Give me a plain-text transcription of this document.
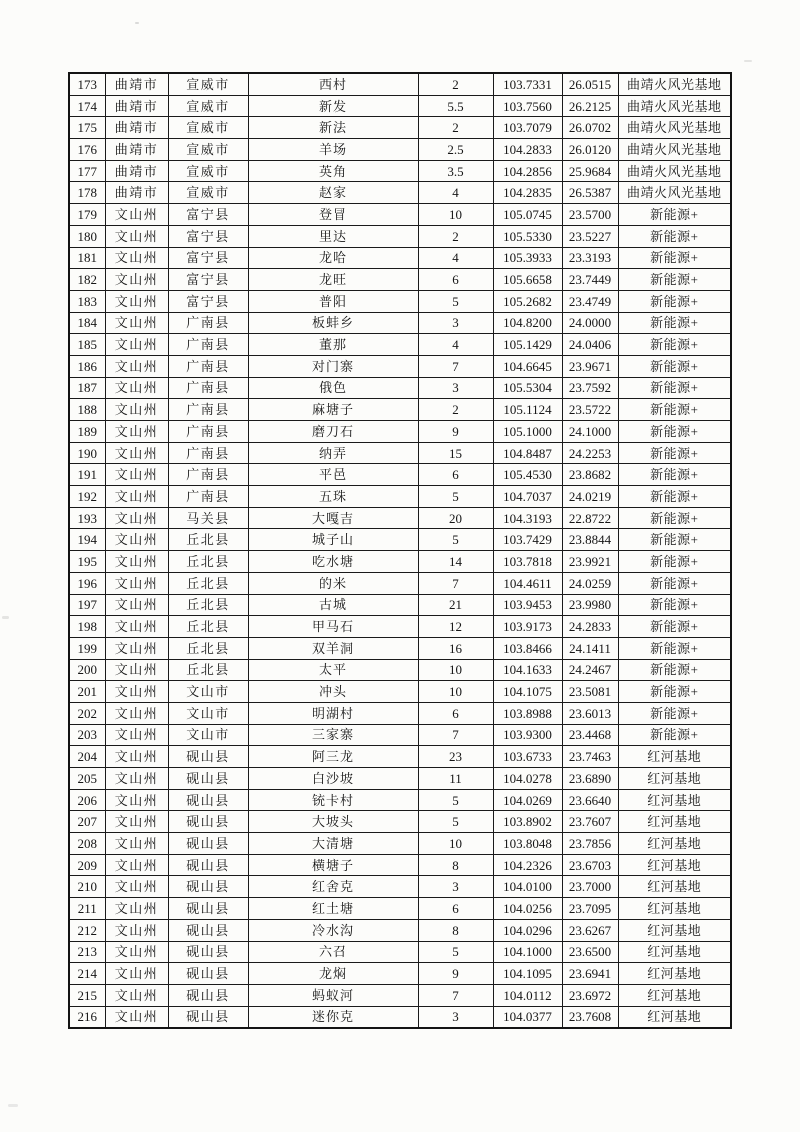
173	曲靖市	宣威市	西村	2	103.7331	26.0515	曲靖火风光基地
174	曲靖市	宣威市	新发	5.5	103.7560	26.2125	曲靖火风光基地
175	曲靖市	宣威市	新法	2	103.7079	26.0702	曲靖火风光基地
176	曲靖市	宣威市	羊场	2.5	104.2833	26.0120	曲靖火风光基地
177	曲靖市	宣威市	英角	3.5	104.2856	25.9684	曲靖火风光基地
178	曲靖市	宣威市	赵家	4	104.2835	26.5387	曲靖火风光基地
179	文山州	富宁县	登冒	10	105.0745	23.5700	新能源+
180	文山州	富宁县	里达	2	105.5330	23.5227	新能源+
181	文山州	富宁县	龙哈	4	105.3933	23.3193	新能源+
182	文山州	富宁县	龙旺	6	105.6658	23.7449	新能源+
183	文山州	富宁县	普阳	5	105.2682	23.4749	新能源+
184	文山州	广南县	板蚌乡	3	104.8200	24.0000	新能源+
185	文山州	广南县	董那	4	105.1429	24.0406	新能源+
186	文山州	广南县	对门寨	7	104.6645	23.9671	新能源+
187	文山州	广南县	俄色	3	105.5304	23.7592	新能源+
188	文山州	广南县	麻塘子	2	105.1124	23.5722	新能源+
189	文山州	广南县	磨刀石	9	105.1000	24.1000	新能源+
190	文山州	广南县	纳弄	15	104.8487	24.2253	新能源+
191	文山州	广南县	平邑	6	105.4530	23.8682	新能源+
192	文山州	广南县	五珠	5	104.7037	24.0219	新能源+
193	文山州	马关县	大嘎吉	20	104.3193	22.8722	新能源+
194	文山州	丘北县	城子山	5	103.7429	23.8844	新能源+
195	文山州	丘北县	吃水塘	14	103.7818	23.9921	新能源+
196	文山州	丘北县	的米	7	104.4611	24.0259	新能源+
197	文山州	丘北县	古城	21	103.9453	23.9980	新能源+
198	文山州	丘北县	甲马石	12	103.9173	24.2833	新能源+
199	文山州	丘北县	双羊洞	16	103.8466	24.1411	新能源+
200	文山州	丘北县	太平	10	104.1633	24.2467	新能源+
201	文山州	文山市	冲头	10	104.1075	23.5081	新能源+
202	文山州	文山市	明湖村	6	103.8988	23.6013	新能源+
203	文山州	文山市	三家寨	7	103.9300	23.4468	新能源+
204	文山州	砚山县	阿三龙	23	103.6733	23.7463	红河基地
205	文山州	砚山县	白沙坡	11	104.0278	23.6890	红河基地
206	文山州	砚山县	铳卡村	5	104.0269	23.6640	红河基地
207	文山州	砚山县	大坡头	5	103.8902	23.7607	红河基地
208	文山州	砚山县	大清塘	10	103.8048	23.7856	红河基地
209	文山州	砚山县	横塘子	8	104.2326	23.6703	红河基地
210	文山州	砚山县	红舍克	3	104.0100	23.7000	红河基地
211	文山州	砚山县	红土塘	6	104.0256	23.7095	红河基地
212	文山州	砚山县	冷水沟	8	104.0296	23.6267	红河基地
213	文山州	砚山县	六召	5	104.1000	23.6500	红河基地
214	文山州	砚山县	龙焖	9	104.1095	23.6941	红河基地
215	文山州	砚山县	蚂蚁河	7	104.0112	23.6972	红河基地
216	文山州	砚山县	迷你克	3	104.0377	23.7608	红河基地
